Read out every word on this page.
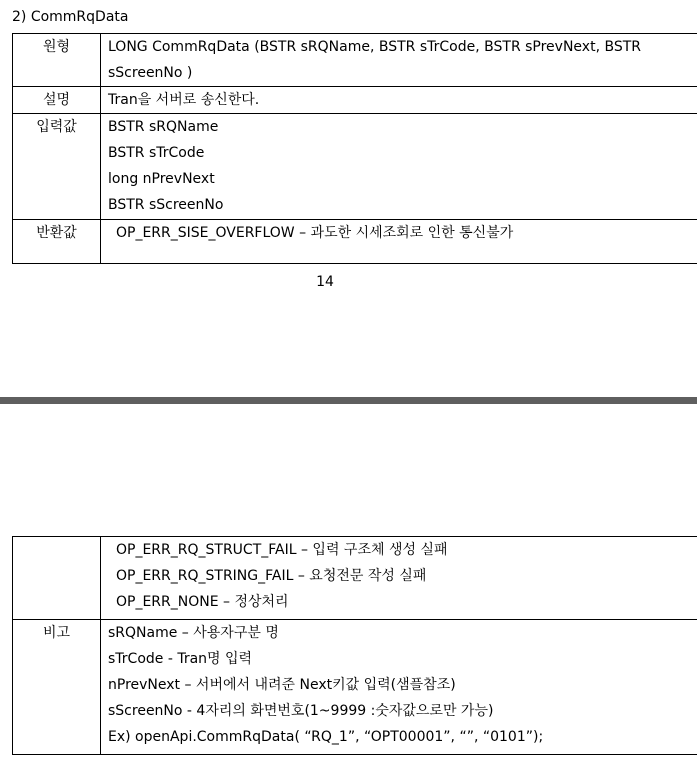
2) CommRqData
원형	LONG CommRqData (BSTR sRQName, BSTR sTrCode, BSTR sPrevNext, BSTR
sScreenNo )

설명	Tran을 서버로 송신한다.

입력값	BSTR sRQName
BSTR sTrCode
long nPrevNext
BSTR sScreenNo

반환값	OP_ERR_SISE_OVERFLOW – 과도한 시세조회로 인한 통신불가
14

	OP_ERR_RQ_STRUCT_FAIL – 입력 구조체 생성 실패
OP_ERR_RQ_STRING_FAIL – 요청전문 작성 실패
OP_ERR_NONE – 정상처리

비고	sRQName – 사용자구분 명
sTrCode - Tran명 입력
nPrevNext – 서버에서 내려준 Next키값 입력(샘플참조)
sScreenNo - 4자리의 화면번호(1~9999 :숫자값으로만 가능)
Ex) openApi.CommRqData( “RQ_1”, “OPT00001”, “”, “0101”);
